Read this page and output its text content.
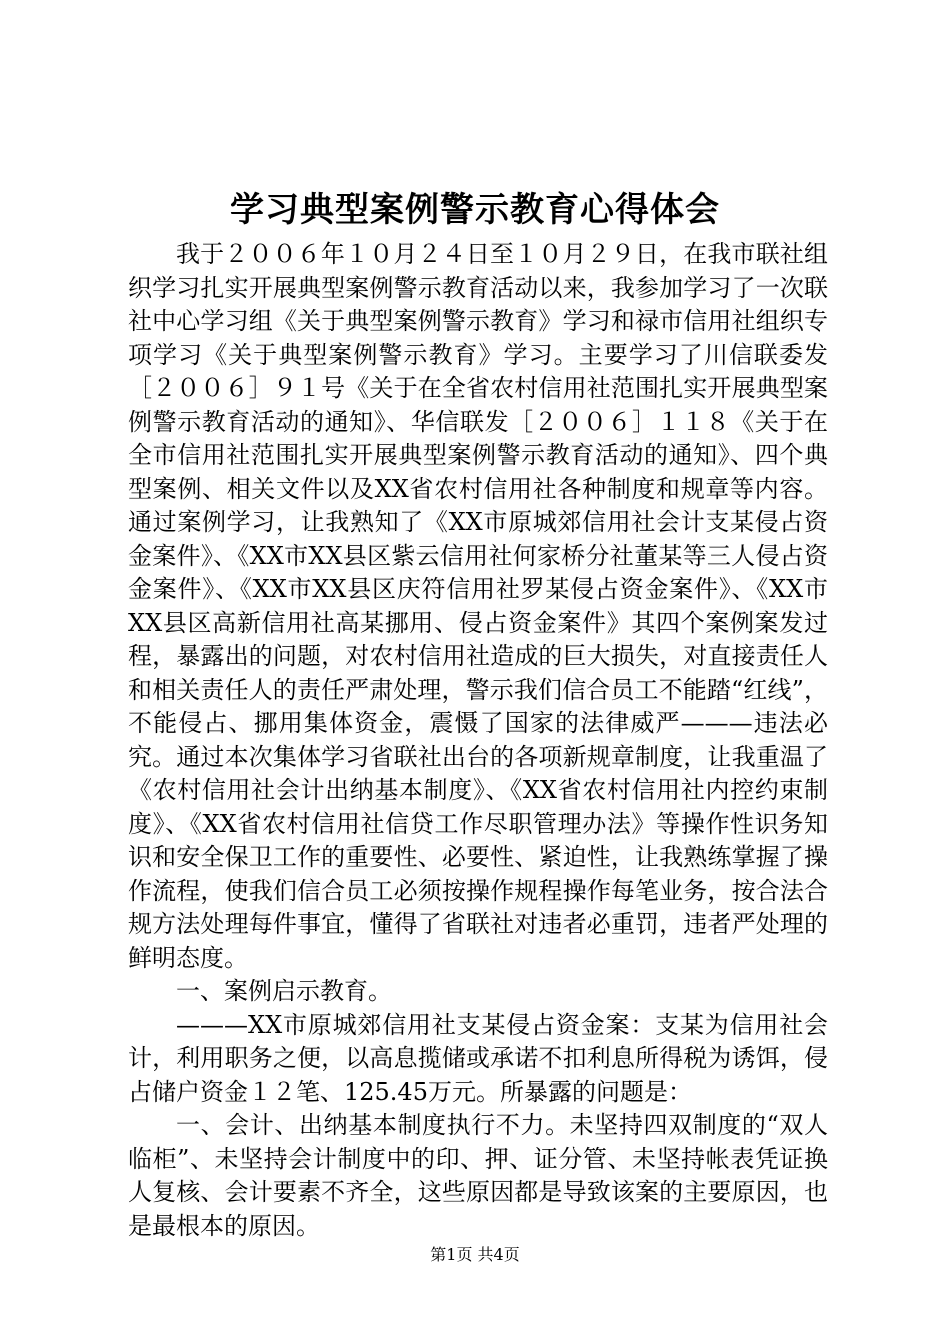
学习典型案例警示教育心得体会

我于２００６年１０月２４日至１０月２９日，在我市联社组织学习扎实开展典型案例警示教育活动以来，我参加学习了一次联社中心学习组《关于典型案例警示教育》学习和禄市信用社组织专项学习《关于典型案例警示教育》学习。主要学习了川信联委发［２００６］９１号《关于在全省农村信用社范围扎实开展典型案例警示教育活动的通知》、华信联发［２００６］１１８《关于在全市信用社范围扎实开展典型案例警示教育活动的通知》、四个典型案例、相关文件以及XX省农村信用社各种制度和规章等内容。通过案例学习，让我熟知了《XX市原城郊信用社会计支某侵占资金案件》、《XX市XX县区紫云信用社何家桥分社董某等三人侵占资金案件》、《XX市XX县区庆符信用社罗某侵占资金案件》、《XX市XX县区高新信用社高某挪用、侵占资金案件》其四个案例案发过程，暴露出的问题，对农村信用社造成的巨大损失，对直接责任人和相关责任人的责任严肃处理，警示我们信合员工不能踏“红线”，不能侵占、挪用集体资金，震慑了国家的法律威严———违法必究。通过本次集体学习省联社出台的各项新规章制度，让我重温了《农村信用社会计出纳基本制度》、《XX省农村信用社内控约束制度》、《XX省农村信用社信贷工作尽职管理办法》等操作性识务知识和安全保卫工作的重要性、必要性、紧迫性，让我熟练掌握了操作流程，使我们信合员工必须按操作规程操作每笔业务，按合法合规方法处理每件事宜，懂得了省联社对违者必重罚，违者严处理的鲜明态度。

一、案例启示教育。

———XX市原城郊信用社支某侵占资金案：支某为信用社会计，利用职务之便，以高息揽储或承诺不扣利息所得税为诱饵，侵占储户资金１２笔、125.45万元。所暴露的问题是：

一、会计、出纳基本制度执行不力。未坚持四双制度的“双人临柜”、未坚持会计制度中的印、押、证分管、未坚持帐表凭证换人复核、会计要素不齐全，这些原因都是导致该案的主要原因，也是最根本的原因。

第1页 共4页
